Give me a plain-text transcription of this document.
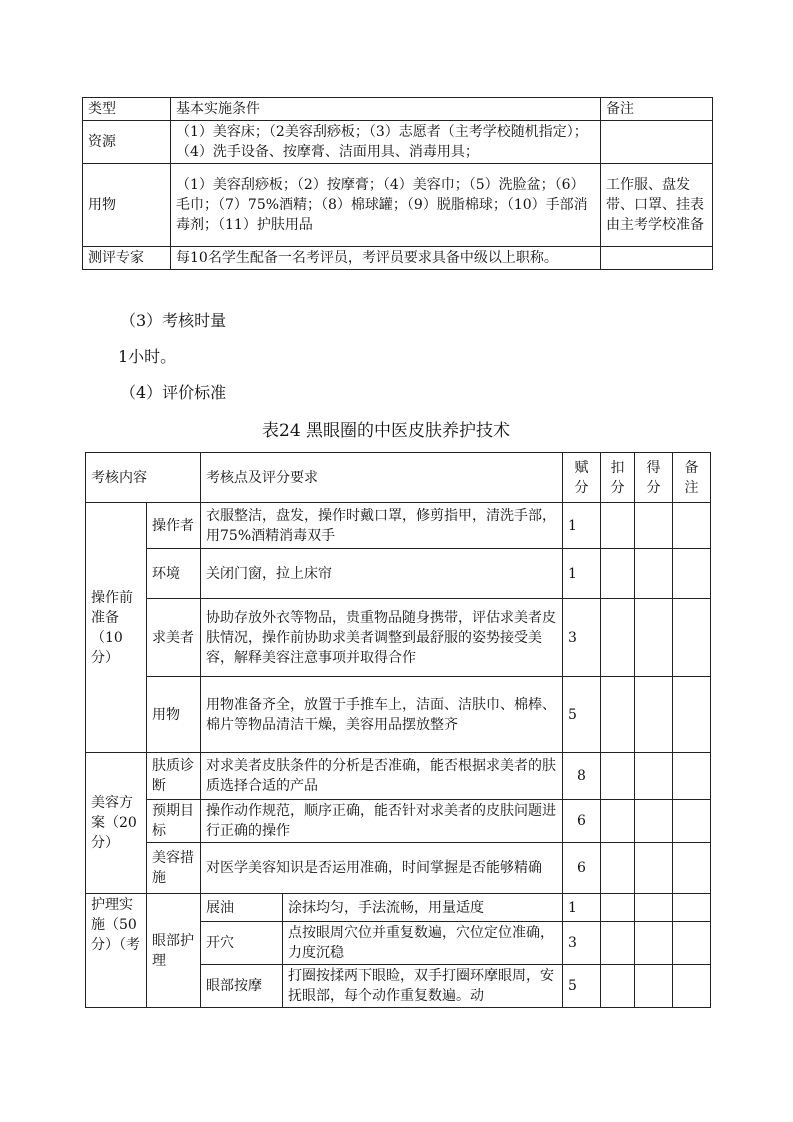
类型	基本实施条件	备注
资源	（1）美容床；（2美容刮痧板；（3）志愿者（主考学校随机指定）；（4）洗手设备、按摩膏、洁面用具、消毒用具；	
用物	（1）美容刮痧板；（2）按摩膏；（4）美容巾；（5）洗脸盆；（6）毛巾；（7）75%酒精；（8）棉球罐；（9）脱脂棉球；（10）手部消毒剂；（11）护肤用品	工作服、盘发带、口罩、挂表由主考学校准备
测评专家	每10名学生配备一名考评员，考评员要求具备中级以上职称。	

（3）考核时量

1小时。

（4）评价标准

表24 黑眼圈的中医皮肤养护技术

考核内容		考核点及评分要求		赋分	扣分	得分	备注
操作前准备（10分）	操作者	衣服整洁，盘发，操作时戴口罩，修剪指甲，清洗手部，用75%酒精消毒双手		1			
	环境	关闭门窗，拉上床帘		1			
	求美者	协助存放外衣等物品，贵重物品随身携带，评估求美者皮肤情况，操作前协助求美者调整到最舒服的姿势接受美容，解释美容注意事项并取得合作		3			
	用物	用物准备齐全，放置于手推车上，洁面、洁肤巾、棉棒、棉片等物品清洁干燥，美容用品摆放整齐		5			
美容方案（20分）	肤质诊断	对求美者皮肤条件的分析是否准确，能否根据求美者的肤质选择合适的产品		8			
	预期目标	操作动作规范，顺序正确，能否针对求美者的皮肤问题进行正确的操作		6			
	美容措施	对医学美容知识是否运用准确，时间掌握是否能够精确		6			
护理实施（50分）（考	眼部护理	展油	涂抹均匀，手法流畅，用量适度	1			
		开穴	点按眼周穴位并重复数遍，穴位定位准确，力度沉稳	3			
		眼部按摩	打圈按揉两下眼睑，双手打圈环摩眼周，安抚眼部，每个动作重复数遍。动	5			
